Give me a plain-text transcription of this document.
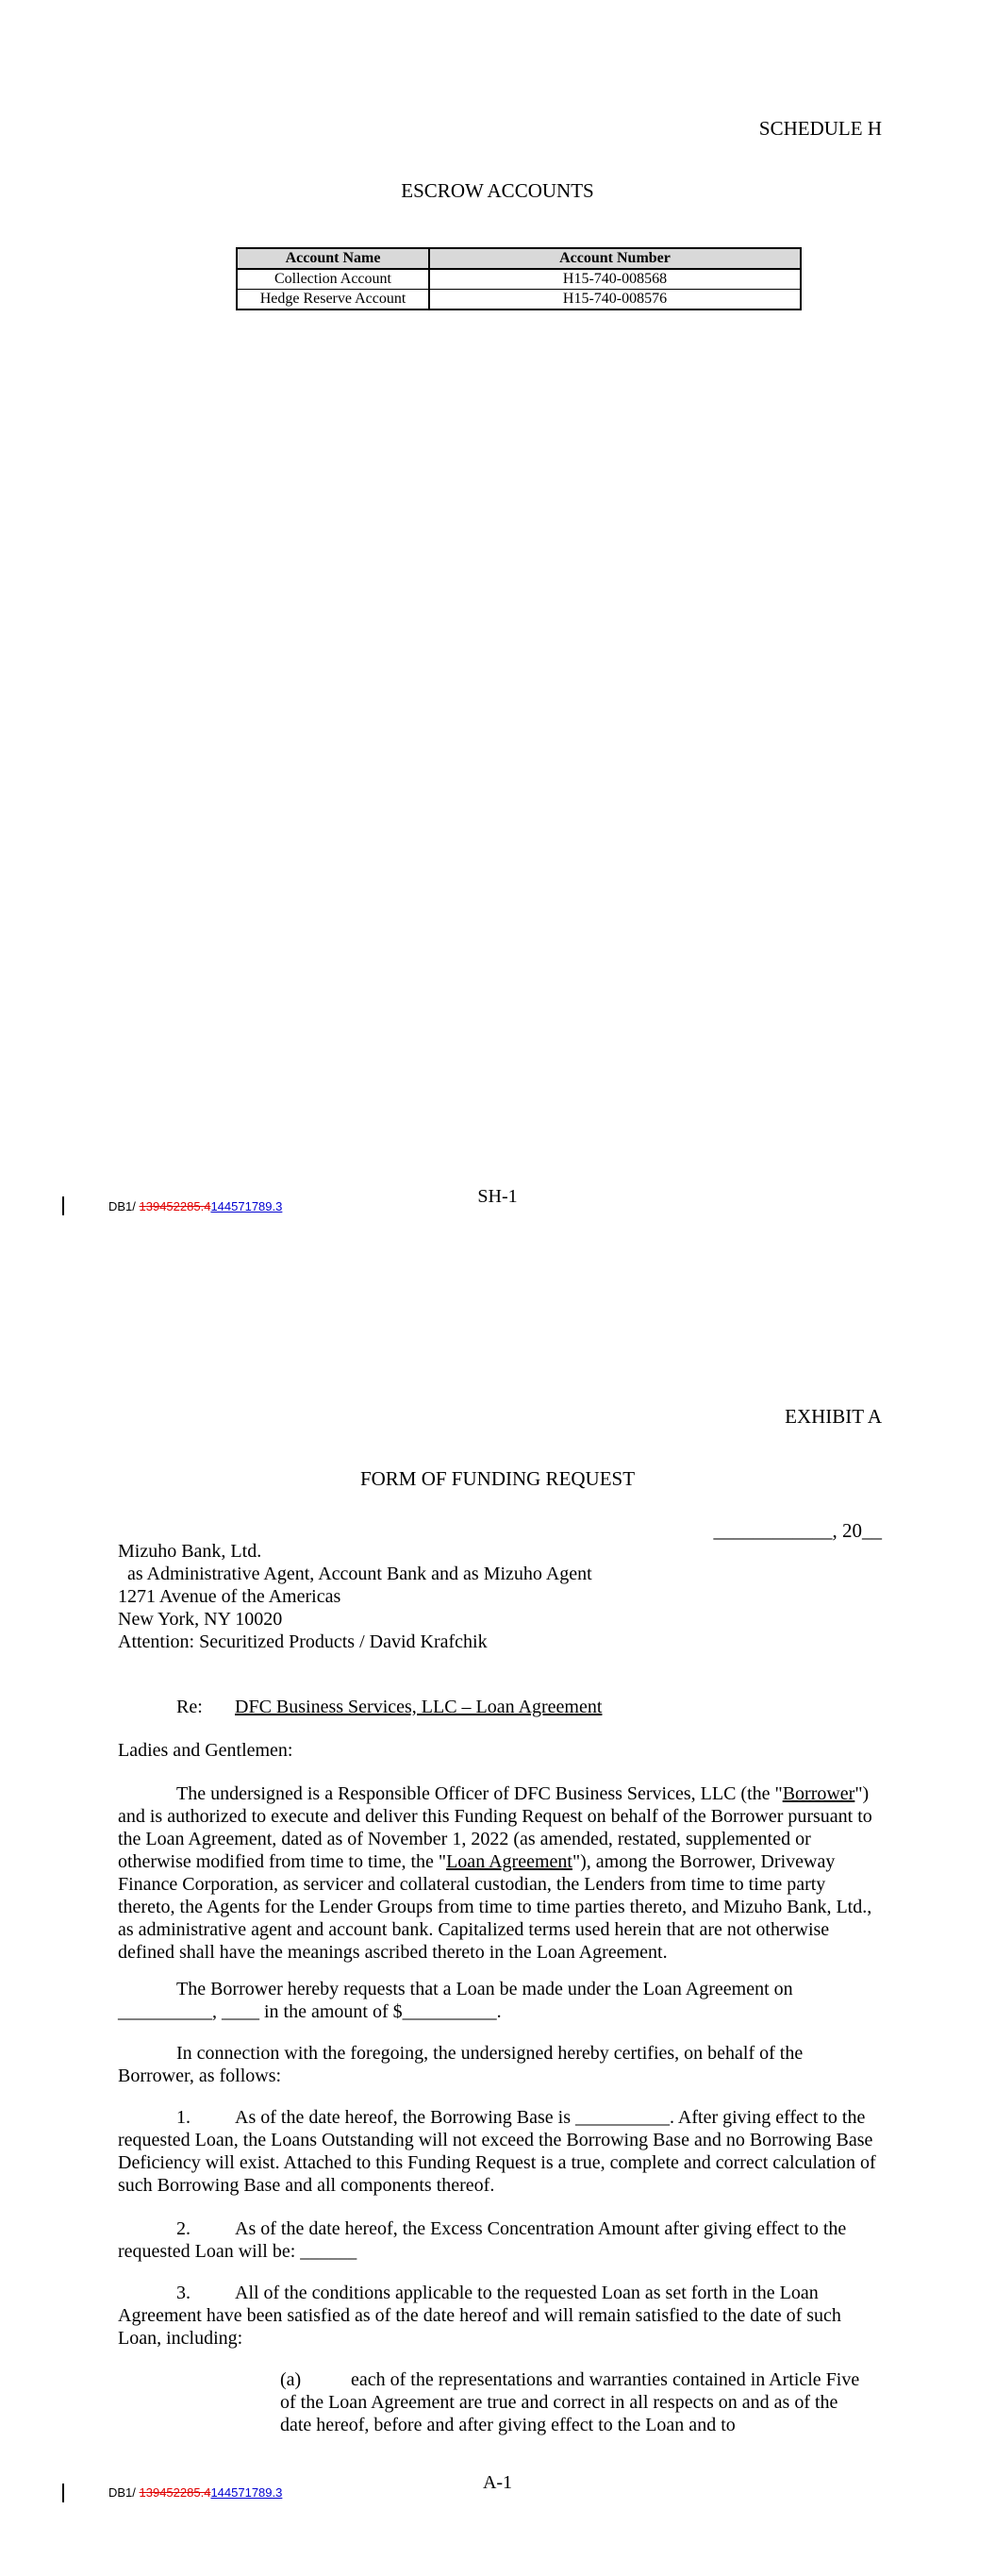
SCHEDULE H
ESCROW ACCOUNTS
Account Name	Account Number
Collection Account	H15-740-008568
Hedge Reserve Account	H15-740-008576
SH-1
DB1/ 139452285.4144571789.3
EXHIBIT A
FORM OF FUNDING REQUEST
____________, 20__
Mizuho Bank, Ltd.
as Administrative Agent, Account Bank and as Mizuho Agent
1271 Avenue of the Americas
New York, NY 10020
Attention: Securitized Products / David Krafchik
Re: DFC Business Services, LLC – Loan Agreement
Ladies and Gentlemen:

The undersigned is a Responsible Officer of DFC Business Services, LLC (the "Borrower") and is authorized to execute and deliver this Funding Request on behalf of the Borrower pursuant to the Loan Agreement, dated as of November 1, 2022 (as amended, restated, supplemented or otherwise modified from time to time, the "Loan Agreement"), among the Borrower, Driveway Finance Corporation, as servicer and collateral custodian, the Lenders from time to time party thereto, the Agents for the Lender Groups from time to time parties thereto, and Mizuho Bank, Ltd., as administrative agent and account bank. Capitalized terms used herein that are not otherwise defined shall have the meanings ascribed thereto in the Loan Agreement.

The Borrower hereby requests that a Loan be made under the Loan Agreement on __________, ____ in the amount of $__________.

In connection with the foregoing, the undersigned hereby certifies, on behalf of the Borrower, as follows:

1. As of the date hereof, the Borrowing Base is __________. After giving effect to the requested Loan, the Loans Outstanding will not exceed the Borrowing Base and no Borrowing Base Deficiency will exist. Attached to this Funding Request is a true, complete and correct calculation of such Borrowing Base and all components thereof.

2. As of the date hereof, the Excess Concentration Amount after giving effect to the requested Loan will be: ______

3. All of the conditions applicable to the requested Loan as set forth in the Loan Agreement have been satisfied as of the date hereof and will remain satisfied to the date of such Loan, including:

(a)	each of the representations and warranties contained in Article Five of the Loan Agreement are true and correct in all respects on and as of the date hereof, before and after giving effect to the Loan and to

A-1
DB1/ 139452285.4144571789.3
